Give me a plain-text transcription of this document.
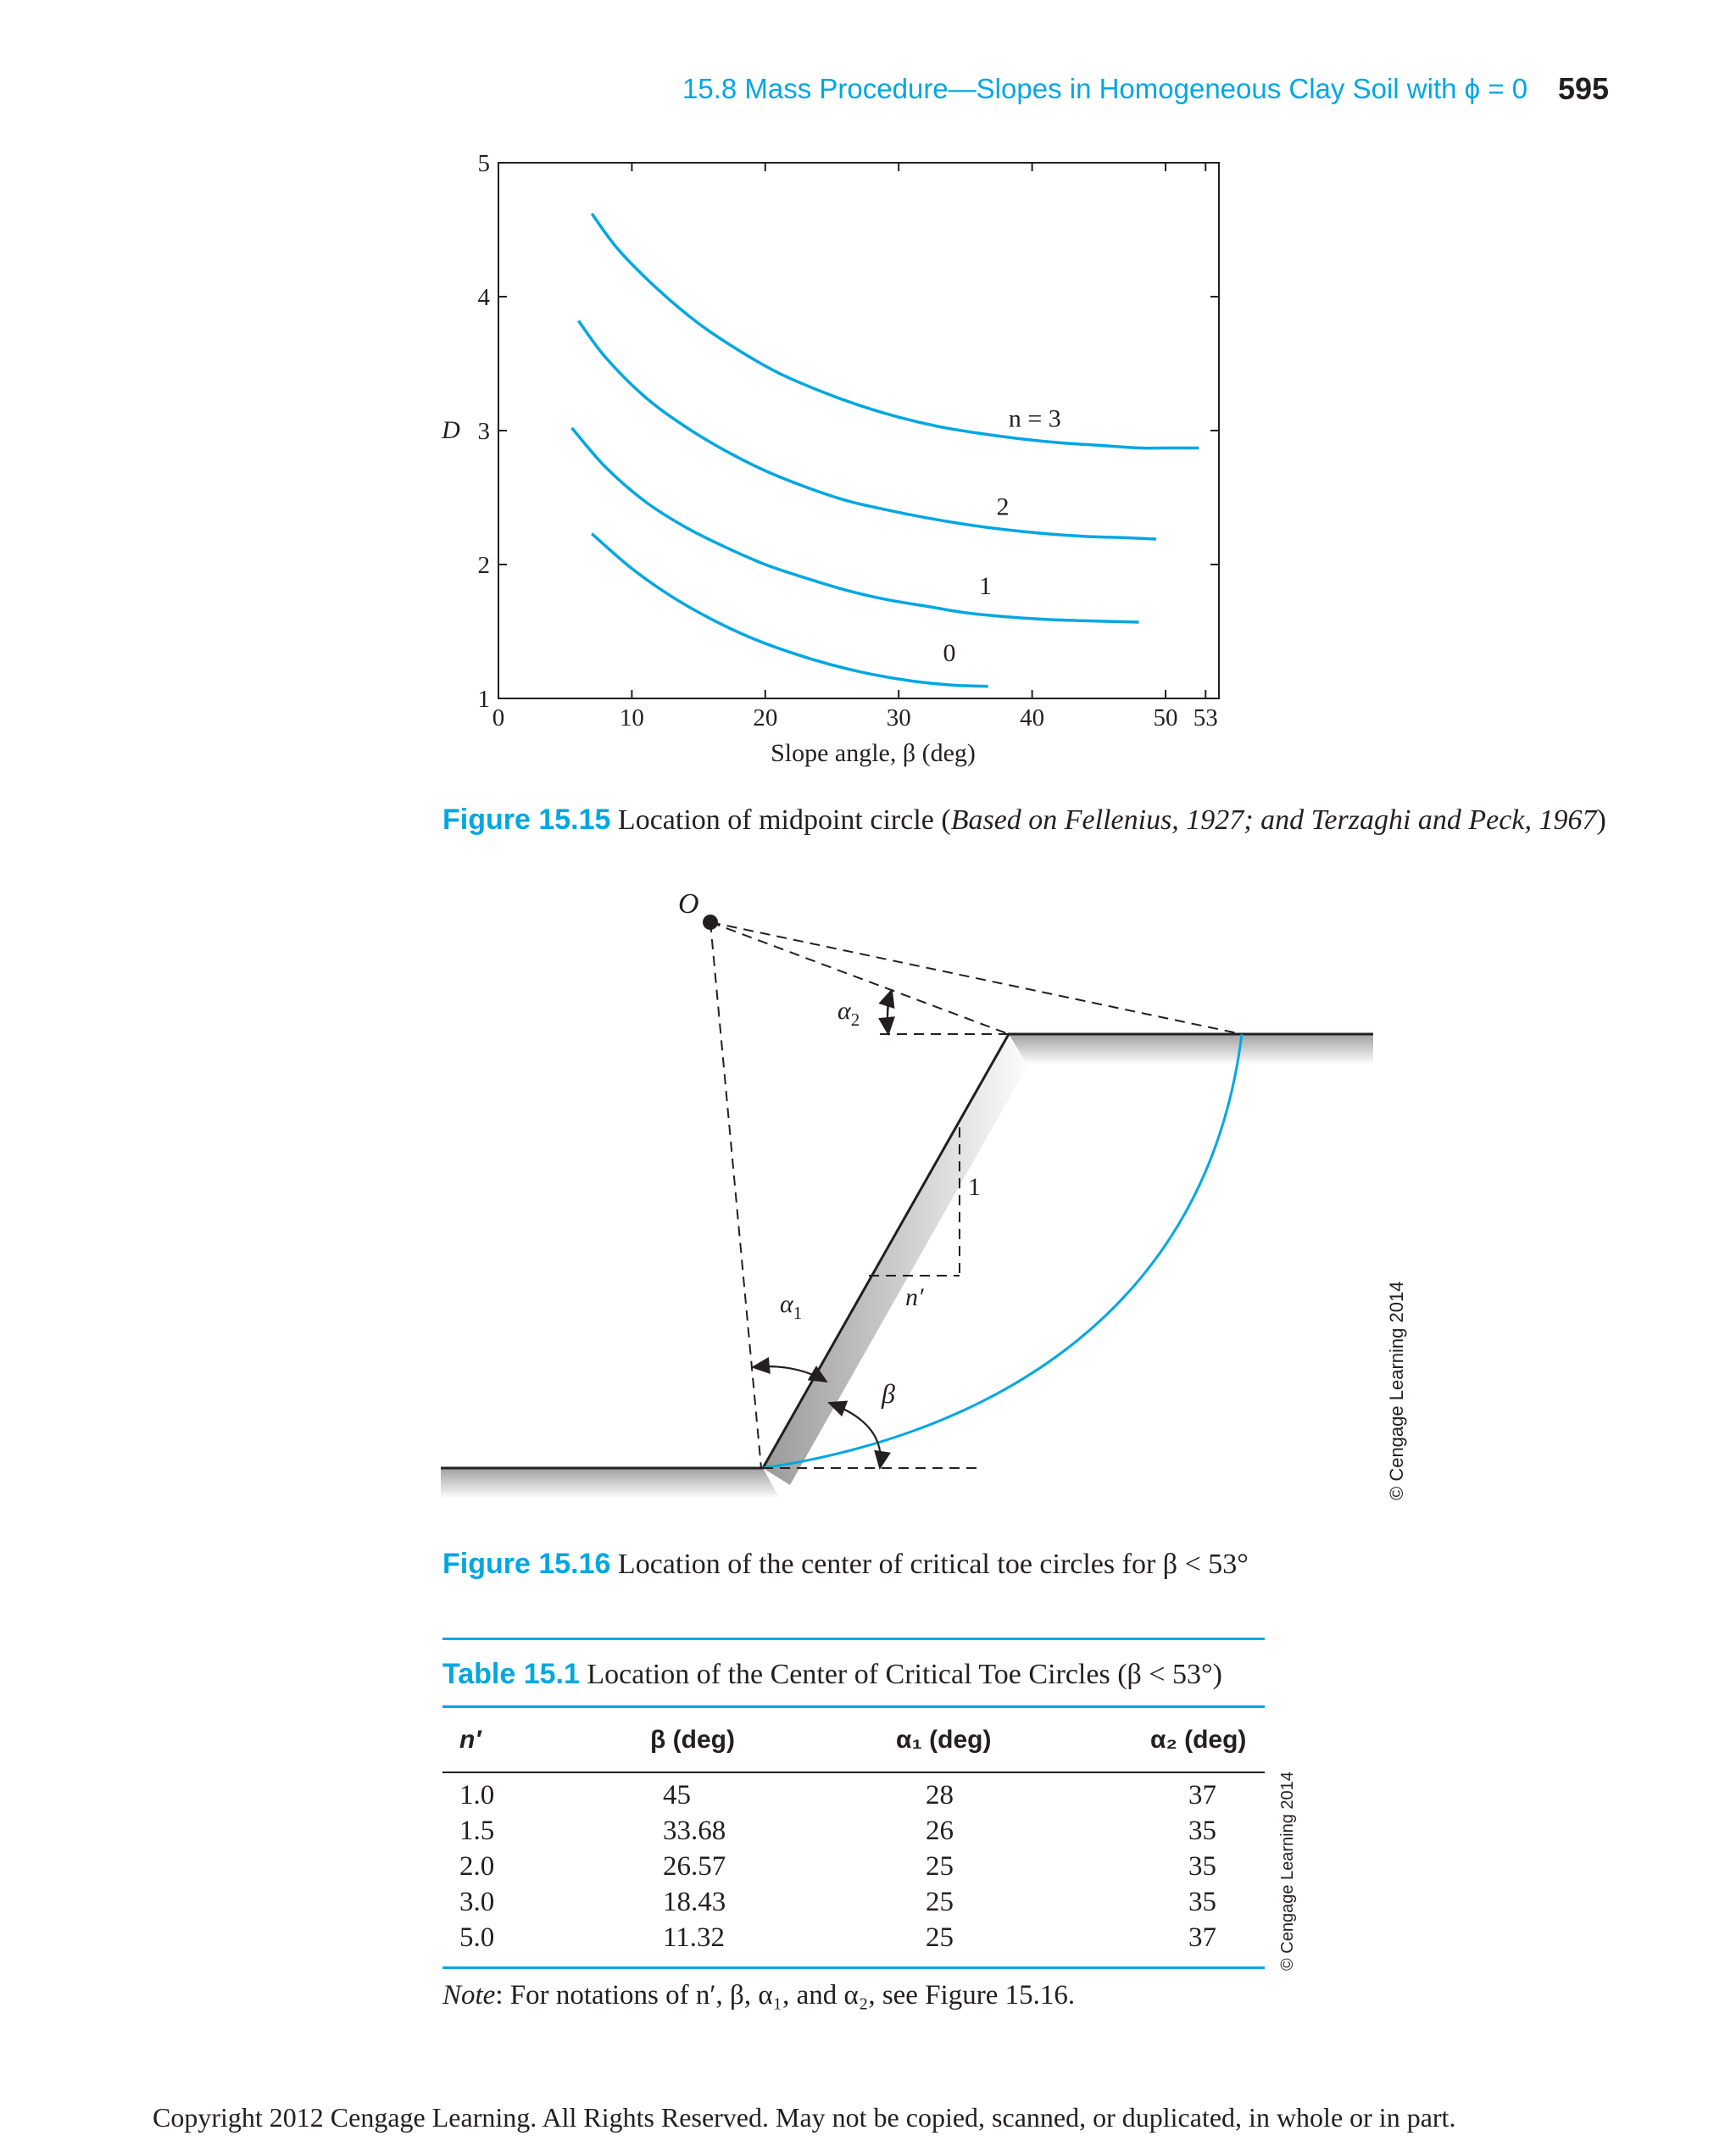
15.8 Mass Procedure—Slopes in Homogeneous Clay Soil with ϕ = 0 595
0	10	20	30	40	50 53
1
2
3
4
5
Slope angle, β (deg)
D	n = 3
2
1
0
Figure 15.15 Location of midpoint circle (Based on Fellenius, 1927; and Terzaghi and Peck, 1967)
O
$\alpha_2$
$\alpha_1$
β
1
n′	© Cengage Learning 2014
Figure 15.16 Location of the center of critical toe circles for β < 53°
Table 15.1 Location of the Center of Critical Toe Circles (β < 53°)
n′	β (deg)	α₁ (deg)	α₂ (deg)
1.0	45	28	37
1.5	33.68	26	35
2.0	26.57	25	35
3.0	18.43	25	35
5.0	11.32	25	37	© Cengage Learning 2014
Note: For notations of n′, β, α₁, and α₂, see Figure 15.16.
Copyright 2012 Cengage Learning. All Rights Reserved. May not be copied, scanned, or duplicated, in whole or in part.
